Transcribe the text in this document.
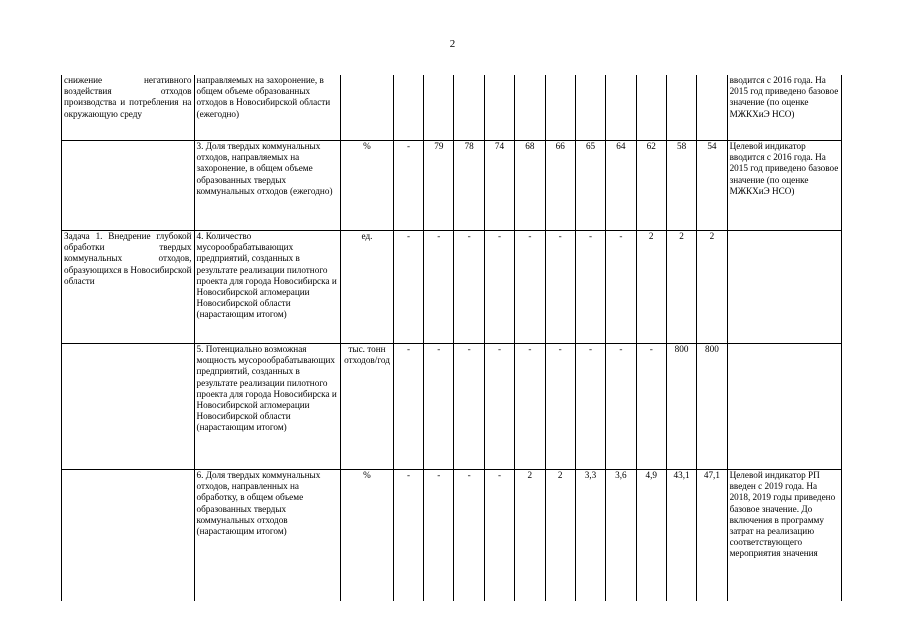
2
снижение негативного воздействия отходов производства и потребления на окружающую среду	направляемых на захоронение, в общем объеме образованных отходов в Новосибирской области (ежегодно)													вводится с 2016 года. На 2015 год приведено базовое значение (по оценке МЖКХиЭ НСО)

	3. Доля твердых коммунальных отходов, направляемых на захоронение, в общем объеме образованных твердых коммунальных отходов (ежегодно)	%	-	79	78	74	68	66	65	64	62	58	54	Целевой индикатор вводится с 2016 года. На 2015 год приведено базовое значение (по оценке МЖКХиЭ НСО)

Задача 1. Внедрение глубокой обработки твердых коммунальных отходов, образующихся в Новосибирской области	4. Количество мусорообрабатывающих предприятий, созданных в результате реализации пилотного проекта для города Новосибирска и Новосибирской агломерации Новосибирской области (нарастающим итогом)	ед.	-	-	-	-	-	-	-	-	2	2	2	

	5. Потенциально возможная мощность мусорообрабатывающих предприятий, созданных в результате реализации пилотного проекта для города Новосибирска и Новосибирской агломерации Новосибирской области (нарастающим итогом)	тыс. тонн отходов/год	-	-	-	-	-	-	-	-	-	800	800	

	6. Доля твердых коммунальных отходов, направленных на обработку, в общем объеме образованных твердых коммунальных отходов (нарастающим итогом)	%	-	-	-	-	2	2	3,3	3,6	4,9	43,1	47,1	Целевой индикатор РП введен с 2019 года. На 2018, 2019 годы приведено базовое значение. До включения в программу затрат на реализацию соответствующего мероприятия значения
